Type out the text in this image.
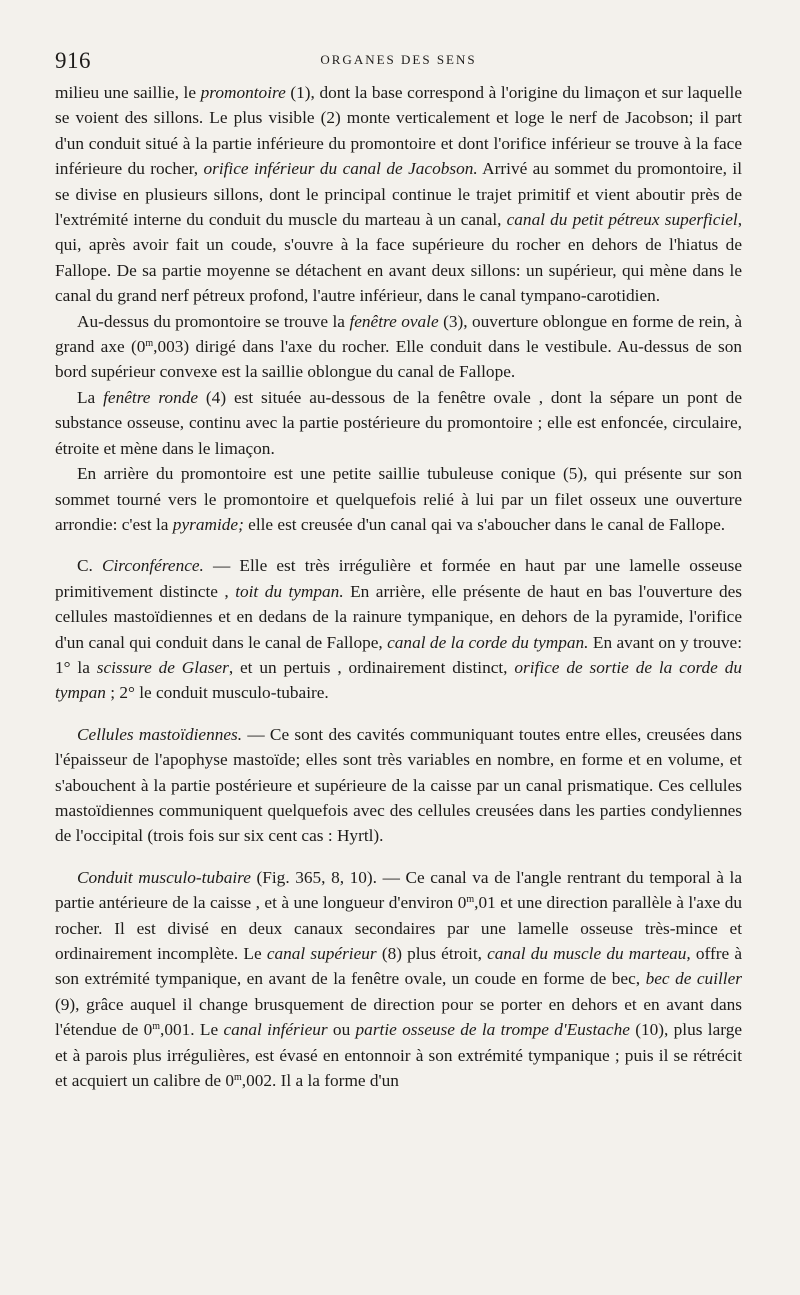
916	ORGANES DES SENS

milieu une saillie, le promontoire (1), dont la base correspond à l'origine du limaçon et sur laquelle se voient des sillons. Le plus visible (2) monte verticalement et loge le nerf de Jacobson; il part d'un conduit situé à la partie inférieure du promontoire et dont l'orifice inférieur se trouve à la face inférieure du rocher, orifice inférieur du canal de Jacobson. Arrivé au sommet du promontoire, il se divise en plusieurs sillons, dont le principal continue le trajet primitif et vient aboutir près de l'extrémité interne du conduit du muscle du marteau à un canal, canal du petit pétreux superficiel, qui, après avoir fait un coude, s'ouvre à la face supérieure du rocher en dehors de l'hiatus de Fallope. De sa partie moyenne se détachent en avant deux sillons: un supérieur, qui mène dans le canal du grand nerf pétreux profond, l'autre inférieur, dans le canal tympano-carotidien.

Au-dessus du promontoire se trouve la fenêtre ovale (3), ouverture oblongue en forme de rein, à grand axe (0$^m$,003) dirigé dans l'axe du rocher. Elle conduit dans le vestibule. Au-dessus de son bord supérieur convexe est la saillie oblongue du canal de Fallope.

La fenêtre ronde (4) est située au-dessous de la fenêtre ovale , dont la sépare un pont de substance osseuse, continu avec la partie postérieure du promontoire ; elle est enfoncée, circulaire, étroite et mène dans le limaçon.

En arrière du promontoire est une petite saillie tubuleuse conique (5), qui présente sur son sommet tourné vers le promontoire et quelquefois relié à lui par un filet osseux une ouverture arrondie: c'est la pyramide; elle est creusée d'un canal qai va s'aboucher dans le canal de Fallope.

C. Circonférence. — Elle est très irrégulière et formée en haut par une lamelle osseuse primitivement distincte , toit du tympan. En arrière, elle présente de haut en bas l'ouverture des cellules mastoïdiennes et en dedans de la rainure tympanique, en dehors de la pyramide, l'orifice d'un canal qui conduit dans le canal de Fallope, canal de la corde du tympan. En avant on y trouve: 1° la scissure de Glaser, et un pertuis , ordinairement distinct, orifice de sortie de la corde du tympan ; 2° le conduit musculo-tubaire.

Cellules mastoïdiennes. — Ce sont des cavités communiquant toutes entre elles, creusées dans l'épaisseur de l'apophyse mastoïde; elles sont très variables en nombre, en forme et en volume, et s'abouchent à la partie postérieure et supérieure de la caisse par un canal prismatique. Ces cellules mastoïdiennes communiquent quelquefois avec des cellules creusées dans les parties condyliennes de l'occipital (trois fois sur six cent cas : Hyrtl).

Conduit musculo-tubaire (Fig. 365, 8, 10). — Ce canal va de l'angle rentrant du temporal à la partie antérieure de la caisse , et à une longueur d'environ 0$^m$,01 et une direction parallèle à l'axe du rocher. Il est divisé en deux canaux secondaires par une lamelle osseuse très-mince et ordinairement incomplète. Le canal supérieur (8) plus étroit, canal du muscle du marteau, offre à son extrémité tympanique, en avant de la fenêtre ovale, un coude en forme de bec, bec de cuiller (9), grâce auquel il change brusquement de direction pour se porter en dehors et en avant dans l'étendue de 0$^m$,001. Le canal inférieur ou partie osseuse de la trompe d'Eustache (10), plus large et à parois plus irrégulières, est évasé en entonnoir à son extrémité tympanique ; puis il se rétrécit et acquiert un calibre de 0$^m$,002. Il a la forme d'un
